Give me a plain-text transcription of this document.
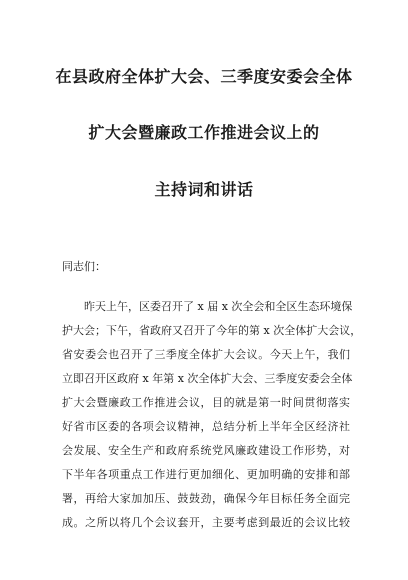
在县政府全体扩大会、三季度安委会全体
扩大会暨廉政工作推进会议上的
主持词和讲话
同志们：
昨天上午，区委召开了 x 届 x 次全会和全区生态环境保
护大会；下午，省政府又召开了今年的第 x 次全体扩大会议，
省安委会也召开了三季度全体扩大会议。今天上午，我们
立即召开区政府 x 年第 x 次全体扩大会、三季度安委会全体
扩大会暨廉政工作推进会议，目的就是第一时间贯彻落实
好省市区委的各项会议精神，总结分析上半年全区经济社
会发展、安全生产和政府系统党风廉政建设工作形势，对
下半年各项重点工作进行更加细化、更加明确的安排和部
署，再给大家加加压、鼓鼓劲，确保今年目标任务全面完
成。之所以将几个会议套开，主要考虑到最近的会议比较
